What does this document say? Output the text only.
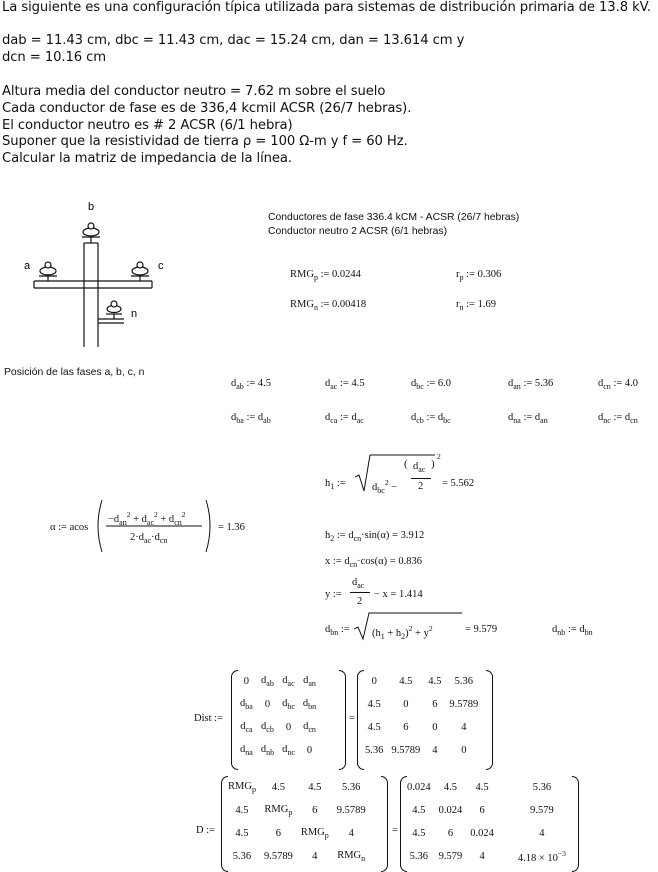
La siguiente es una configuración típica utilizada para sistemas de distribución primaria de 13.8 kV.
dab = 11.43 cm, dbc = 11.43 cm, dac = 15.24 cm, dan = 13.614 cm y
dcn = 10.16 cm
Altura media del conductor neutro = 7.62 m sobre el suelo
Cada conductor de fase es de 336,4 kcmil ACSR (26/7 hebras).
El conductor neutro es # 2 ACSR (6/1 hebra)
Suponer que la resistividad de tierra ρ = 100 Ω-m y f = 60 Hz.
Calcular la matriz de impedancia de la línea.
b
a	c
n
Conductores de fase 336.4 kCM - ACSR (26/7 hebras)
Conductor neutro 2 ACSR (6/1 hebras)
$RMG_p$ := 0.0244	$r_p$ := 0.306
$RMG_n$ := 0.00418	$r_n$ := 1.69
Posición de las fases a, b, c, n
$d_{ab}$ := 4.5	$d_{ac}$ := 4.5	$d_{bc}$ := 6.0	$d_{an}$ := 5.36	$d_{cn}$ := 4.0
$d_{ba}$ := $d_{ab}$	$d_{ca}$ := $d_{ac}$	$d_{cb}$ := $d_{bc}$	$d_{na}$ := $d_{an}$	$d_{nc}$ := $d_{cn}$
$h_1$ :=	$d_{bc}^2$ −
( $d_{ac}$
2
)
$^2$
= 5.562
α := acos
$-d_{an}^2 + d_{ac}^2 + d_{cn}^2$
$2\cdot d_{ac}\cdot d_{cn}$
= 1.36
$h_2$ := $d_{cn}\cdot\sin(\alpha) = 3.912$
x := $d_{cn}\cdot\cos(\alpha) = 0.836$
y :=
$d_{ac}$
2
− x = 1.414
$d_{bn}$ := $(h_1 + h_2)^2 + y^2$	= 9.579	$d_{nb}$ := $d_{bn}$
Dist :=
0	$d_{ab}$	$d_{ac}$	$d_{an}$
$d_{ba}$	0	$d_{bc}$	$d_{bn}$
$d_{ca}$	$d_{cb}$	0	$d_{cn}$
$d_{na}$	$d_{nb}$	$d_{nc}$	0
=
0	4.5	4.5	5.36
4.5	0	6	9.5789
4.5	6	0	4
5.36	9.5789	4	0
D :=
$RMG_p$	4.5	4.5	5.36
4.5	$RMG_p$	6	9.5789
4.5	6	$RMG_p$	4
5.36	9.5789	4	$RMG_n$
=
0.024	4.5	4.5	5.36
4.5	0.024	6	9.579
4.5	6	0.024	4
5.36	9.579	4	$4.18 \times 10^{-3}$
